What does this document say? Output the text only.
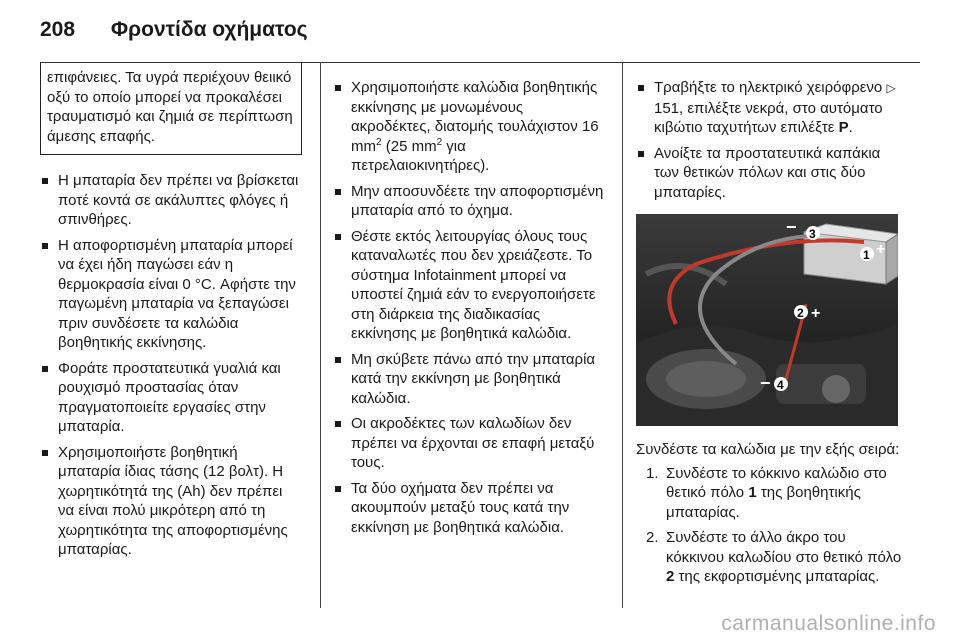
208 Φροντίδα οχήματος
επιφάνειες. Τα υγρά περιέχουν θειικό οξύ το οποίο μπορεί να προκαλέσει τραυματισμό και ζημιά σε περίπτωση άμεσης επαφής.
Η μπαταρία δεν πρέπει να βρίσκεται ποτέ κοντά σε ακάλυπτες φλόγες ή σπινθήρες.
Η αποφορτισμένη μπαταρία μπορεί να έχει ήδη παγώσει εάν η θερμοκρασία είναι 0 °C. Αφήστε την παγωμένη μπαταρία να ξεπαγώσει πριν συνδέσετε τα καλώδια βοηθητικής εκκίνησης.
Φοράτε προστατευτικά γυαλιά και ρουχισμό προστασίας όταν πραγματοποιείτε εργασίες στην μπαταρία.
Χρησιμοποιήστε βοηθητική μπαταρία ίδιας τάσης (12 βολτ). Η χωρητικότητά της (Ah) δεν πρέπει να είναι πολύ μικρότερη από τη χωρητικότητα της αποφορτισμένης μπαταρίας.
Χρησιμοποιήστε καλώδια βοηθητικής εκκίνησης με μονωμένους ακροδέκτες, διατομής τουλάχιστον 16 $mm^2$ (25 $mm^2$ για πετρελαιοκινητήρες).
Μην αποσυνδέετε την αποφορτισμένη μπαταρία από το όχημα.
Θέστε εκτός λειτουργίας όλους τους καταναλωτές που δεν χρειάζεστε. Το σύστημα Infotainment μπορεί να υποστεί ζημιά εάν το ενεργοποιήσετε στη διάρκεια της διαδικασίας εκκίνησης με βοηθητικά καλώδια.
Μη σκύβετε πάνω από την μπαταρία κατά την εκκίνηση με βοηθητικά καλώδια.
Οι ακροδέκτες των καλωδίων δεν πρέπει να έρχονται σε επαφή μεταξύ τους.
Τα δύο οχήματα δεν πρέπει να ακουμπούν μεταξύ τους κατά την εκκίνηση με βοηθητικά καλώδια.
Τραβήξτε το ηλεκτρικό χειρόφρενο ▷ 151, επιλέξτε νεκρά, στο αυτόματο κιβώτιο ταχυτήτων επιλέξτε P.
Ανοίξτε τα προστατευτικά καπάκια των θετικών πόλων και στις δύο μπαταρίες.
− 3
1 +
2 +
− 4
Συνδέστε τα καλώδια με την εξής σειρά:
1. Συνδέστε το κόκκινο καλώδιο στο θετικό πόλο 1 της βοηθητικής μπαταρίας.
2. Συνδέστε το άλλο άκρο του κόκκινου καλωδίου στο θετικό πόλο 2 της εκφορτισμένης μπαταρίας.
carmanualsonline.info
